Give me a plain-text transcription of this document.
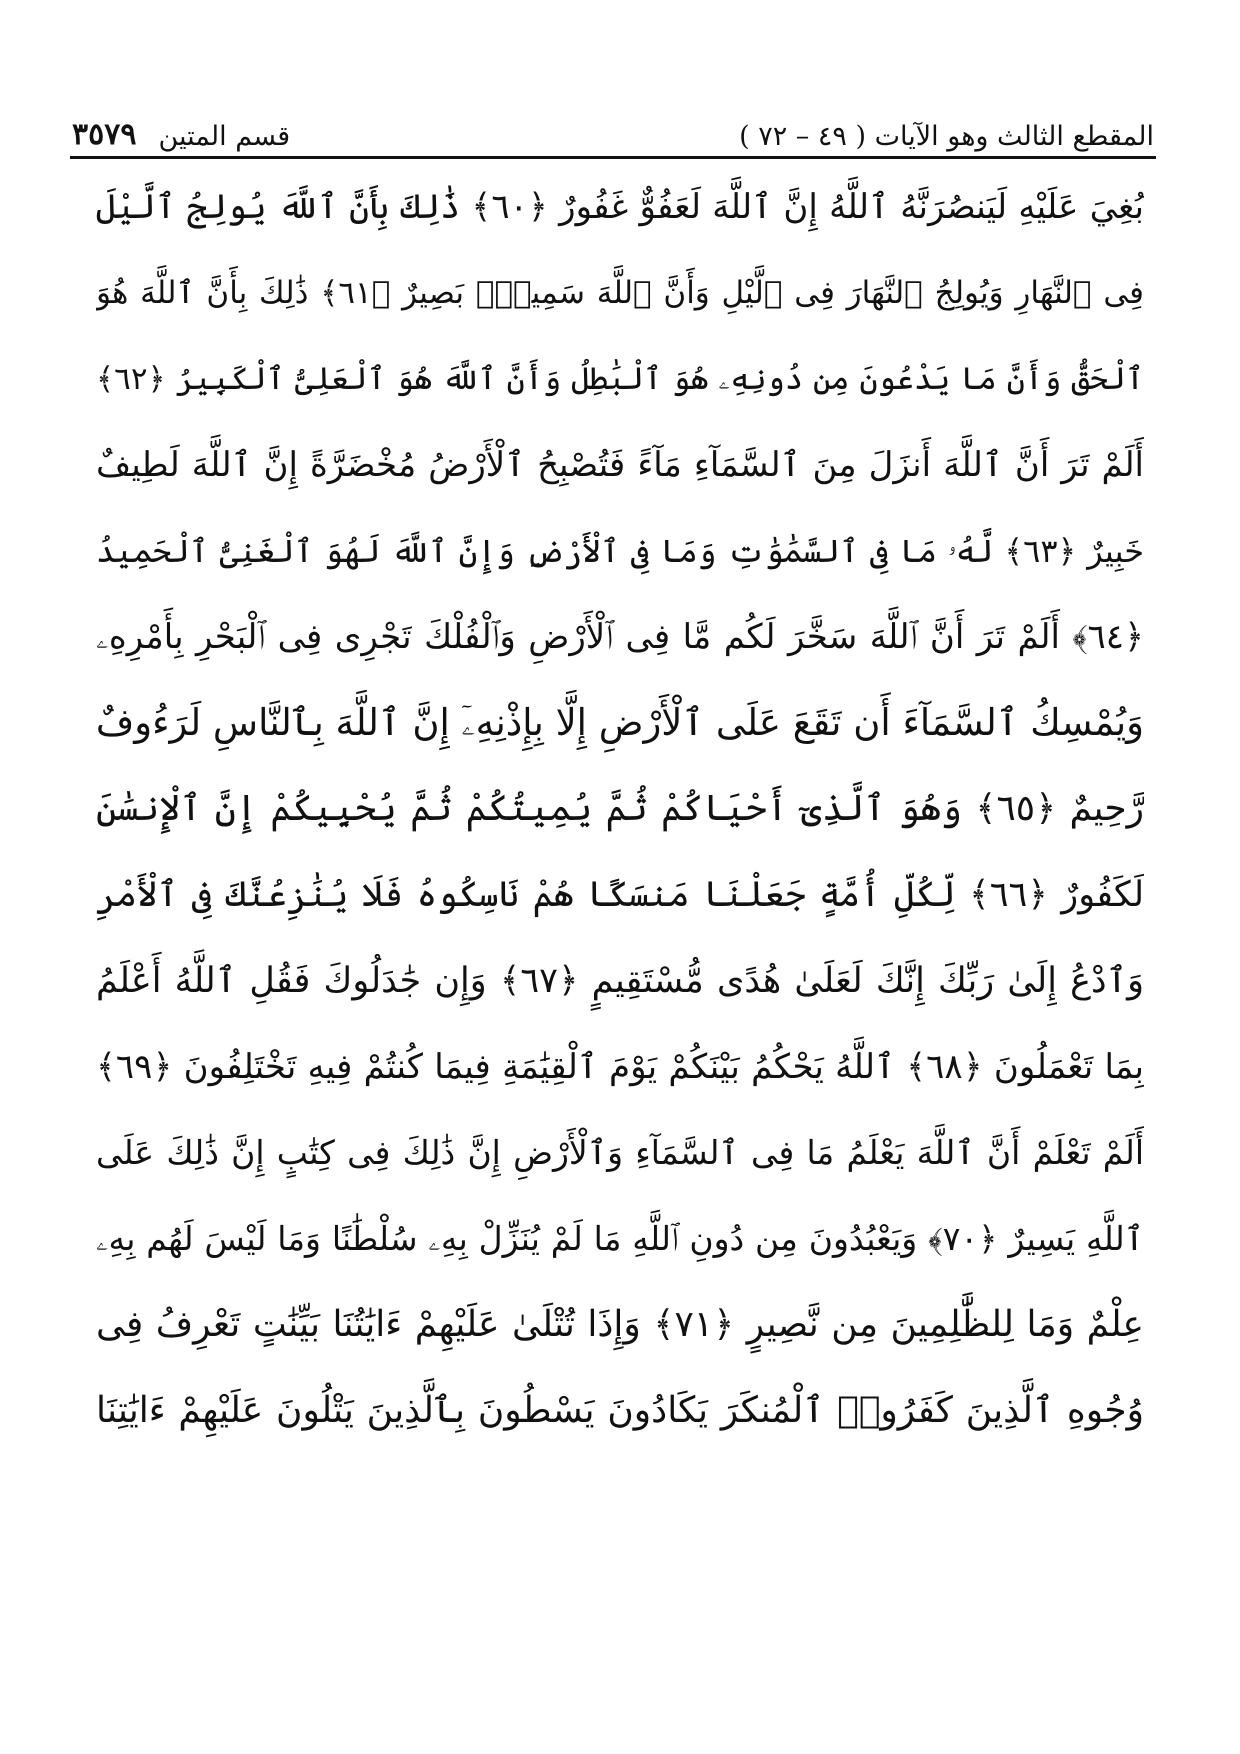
المقطع الثالث وهو الآيات ( ٤٩ – ٧٢ )
قسم المتين
٣٥٧٩
بُغِيَ عَلَيْهِ لَيَنصُرَنَّهُ ٱللَّهُ إِنَّ ٱللَّهَ لَعَفُوٌّ غَفُورٌ ﴿٦٠﴾ ذَٰلِكَ بِأَنَّ ٱللَّهَ يُولِجُ ٱلَّيْلَ
فِى ٱلنَّهَارِ وَيُولِجُ ٱلنَّهَارَ فِى ٱلَّيْلِ وَأَنَّ ٱللَّهَ سَمِيعٌۢ بَصِيرٌ ﴿٦١﴾ ذَٰلِكَ بِأَنَّ ٱللَّهَ هُوَ
ٱلْحَقُّ وَأَنَّ مَا يَدْعُونَ مِن دُونِهِۦ هُوَ ٱلْبَٰطِلُ وَأَنَّ ٱللَّهَ هُوَ ٱلْعَلِىُّ ٱلْكَبِيرُ ﴿٦٢﴾
أَلَمْ تَرَ أَنَّ ٱللَّهَ أَنزَلَ مِنَ ٱلسَّمَآءِ مَآءً فَتُصْبِحُ ٱلْأَرْضُ مُخْضَرَّةً إِنَّ ٱللَّهَ لَطِيفٌ
خَبِيرٌ ﴿٦٣﴾ لَّهُۥ مَا فِى ٱلسَّمَٰوَٰتِ وَمَا فِى ٱلْأَرْضِ وَإِنَّ ٱللَّهَ لَهُوَ ٱلْغَنِىُّ ٱلْحَمِيدُ
﴿٦٤﴾ أَلَمْ تَرَ أَنَّ ٱللَّهَ سَخَّرَ لَكُم مَّا فِى ٱلْأَرْضِ وَٱلْفُلْكَ تَجْرِى فِى ٱلْبَحْرِ بِأَمْرِهِۦ
وَيُمْسِكُ ٱلسَّمَآءَ أَن تَقَعَ عَلَى ٱلْأَرْضِ إِلَّا بِإِذْنِهِۦٓ إِنَّ ٱللَّهَ بِٱلنَّاسِ لَرَءُوفٌ
رَّحِيمٌ ﴿٦٥﴾ وَهُوَ ٱلَّذِىٓ أَحْيَاكُمْ ثُمَّ يُمِيتُكُمْ ثُمَّ يُحْيِيكُمْ إِنَّ ٱلْإِنسَٰنَ
لَكَفُورٌ ﴿٦٦﴾ لِّكُلِّ أُمَّةٍ جَعَلْنَا مَنسَكًا هُمْ نَاسِكُوهُ فَلَا يُنَٰزِعُنَّكَ فِى ٱلْأَمْرِ
وَٱدْعُ إِلَىٰ رَبِّكَ إِنَّكَ لَعَلَىٰ هُدًى مُّسْتَقِيمٍ ﴿٦٧﴾ وَإِن جَٰدَلُوكَ فَقُلِ ٱللَّهُ أَعْلَمُ
بِمَا تَعْمَلُونَ ﴿٦٨﴾ ٱللَّهُ يَحْكُمُ بَيْنَكُمْ يَوْمَ ٱلْقِيَٰمَةِ فِيمَا كُنتُمْ فِيهِ تَخْتَلِفُونَ ﴿٦٩﴾
أَلَمْ تَعْلَمْ أَنَّ ٱللَّهَ يَعْلَمُ مَا فِى ٱلسَّمَآءِ وَٱلْأَرْضِ إِنَّ ذَٰلِكَ فِى كِتَٰبٍ إِنَّ ذَٰلِكَ عَلَى
ٱللَّهِ يَسِيرٌ ﴿٧٠﴾ وَيَعْبُدُونَ مِن دُونِ ٱللَّهِ مَا لَمْ يُنَزِّلْ بِهِۦ سُلْطَٰنًا وَمَا لَيْسَ لَهُم بِهِۦ
عِلْمٌ وَمَا لِلظَّٰلِمِينَ مِن نَّصِيرٍ ﴿٧١﴾ وَإِذَا تُتْلَىٰ عَلَيْهِمْ ءَايَٰتُنَا بَيِّنَٰتٍ تَعْرِفُ فِى
وُجُوهِ ٱلَّذِينَ كَفَرُوا۟ ٱلْمُنكَرَ يَكَادُونَ يَسْطُونَ بِٱلَّذِينَ يَتْلُونَ عَلَيْهِمْ ءَايَٰتِنَا
